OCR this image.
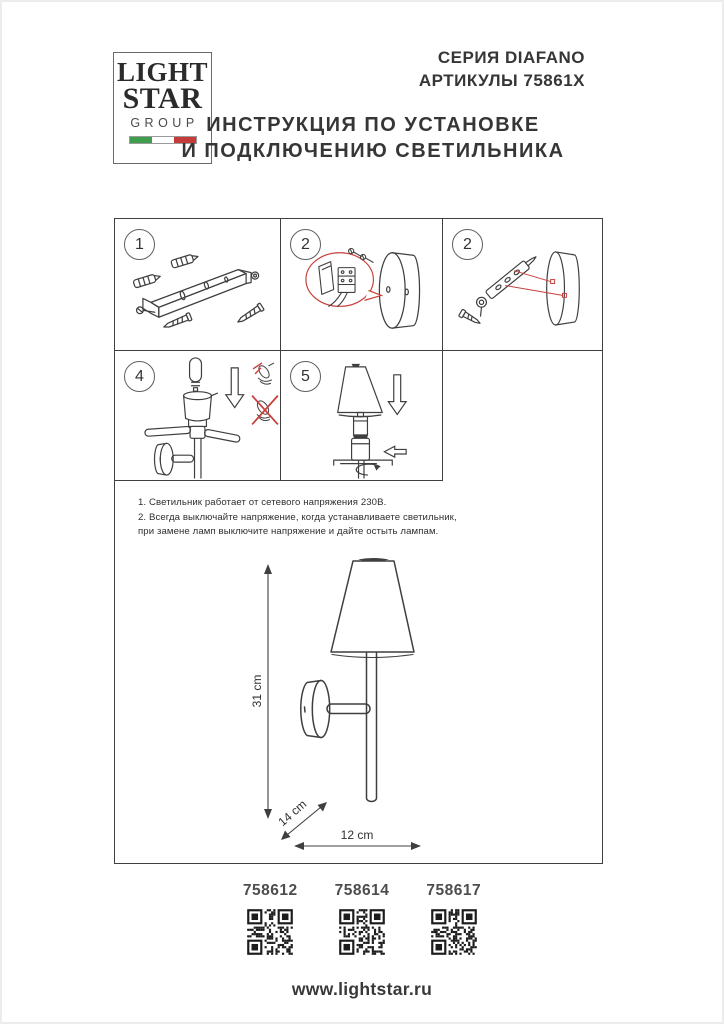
LIGHT
STAR
GROUP
СЕРИЯ DIAFANO
АРТИКУЛЫ 75861X
ИНСТРУКЦИЯ ПО УСТАНОВКЕ
И ПОДКЛЮЧЕНИЮ СВЕТИЛЬНИКА
1	2	2
4	5
1. Светильник работает от сетевого напряжения 230В.
2. Всегда выключайте напряжение, когда устанавливаете светильник,
при замене ламп выключите напряжение и дайте остыть лампам.
31 cm
14 cm
12 cm
758612 758614 758617
www.lightstar.ru
